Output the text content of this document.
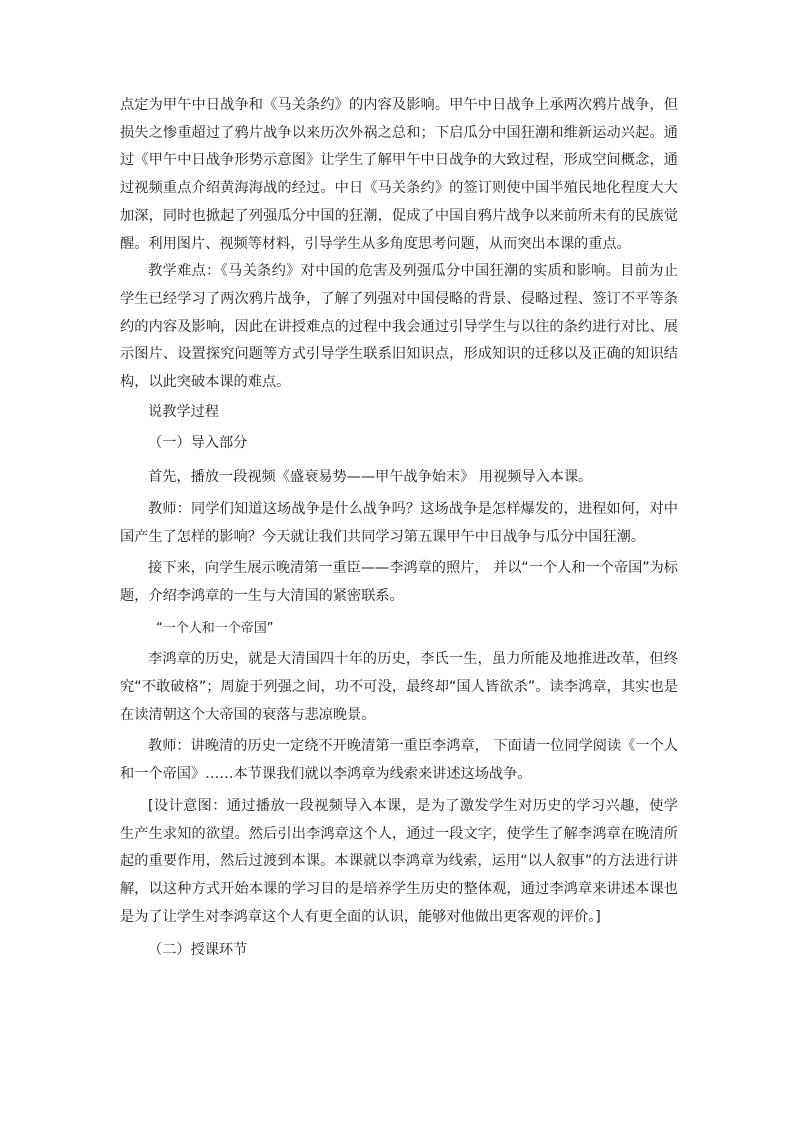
点定为甲午中日战争和《马关条约》的内容及影响。甲午中日战争上承两次鸦片战争，但损失之惨重超过了鸦片战争以来历次外祸之总和；下启瓜分中国狂潮和维新运动兴起。通过《甲午中日战争形势示意图》让学生了解甲午中日战争的大致过程，形成空间概念，通过视频重点介绍黄海海战的经过。中日《马关条约》的签订则使中国半殖民地化程度大大加深，同时也掀起了列强瓜分中国的狂潮，促成了中国自鸦片战争以来前所未有的民族觉醒。利用图片、视频等材料，引导学生从多角度思考问题，从而突出本课的重点。

教学难点：《马关条约》对中国的危害及列强瓜分中国狂潮的实质和影响。目前为止学生已经学习了两次鸦片战争，了解了列强对中国侵略的背景、侵略过程、签订不平等条约的内容及影响，因此在讲授难点的过程中我会通过引导学生与以往的条约进行对比、展示图片、设置探究问题等方式引导学生联系旧知识点，形成知识的迁移以及正确的知识结构，以此突破本课的难点。

说教学过程

（一）导入部分

首先，播放一段视频《盛衰易势——甲午战争始末》 用视频导入本课。

教师：同学们知道这场战争是什么战争吗？这场战争是怎样爆发的，进程如何，对中国产生了怎样的影响？今天就让我们共同学习第五课甲午中日战争与瓜分中国狂潮。

接下来，向学生展示晚清第一重臣——李鸿章的照片， 并以“一个人和一个帝国”为标题，介绍李鸿章的一生与大清国的紧密联系。

“一个人和一个帝国”

李鸿章的历史，就是大清国四十年的历史，李氏一生，虽力所能及地推进改革，但终究“不敢破格”；周旋于列强之间，功不可没，最终却“国人皆欲杀”。读李鸿章，其实也是在读清朝这个大帝国的衰落与悲凉晚景。

教师：讲晚清的历史一定绕不开晚清第一重臣李鸿章， 下面请一位同学阅读《一个人和一个帝国》……本节课我们就以李鸿章为线索来讲述这场战争。

[设计意图：通过播放一段视频导入本课，是为了激发学生对历史的学习兴趣，使学生产生求知的欲望。然后引出李鸿章这个人，通过一段文字，使学生了解李鸿章在晚清所起的重要作用，然后过渡到本课。本课就以李鸿章为线索，运用“以人叙事”的方法进行讲解，以这种方式开始本课的学习目的是培养学生历史的整体观，通过李鸿章来讲述本课也是为了让学生对李鸿章这个人有更全面的认识，能够对他做出更客观的评价。]

（二）授课环节
